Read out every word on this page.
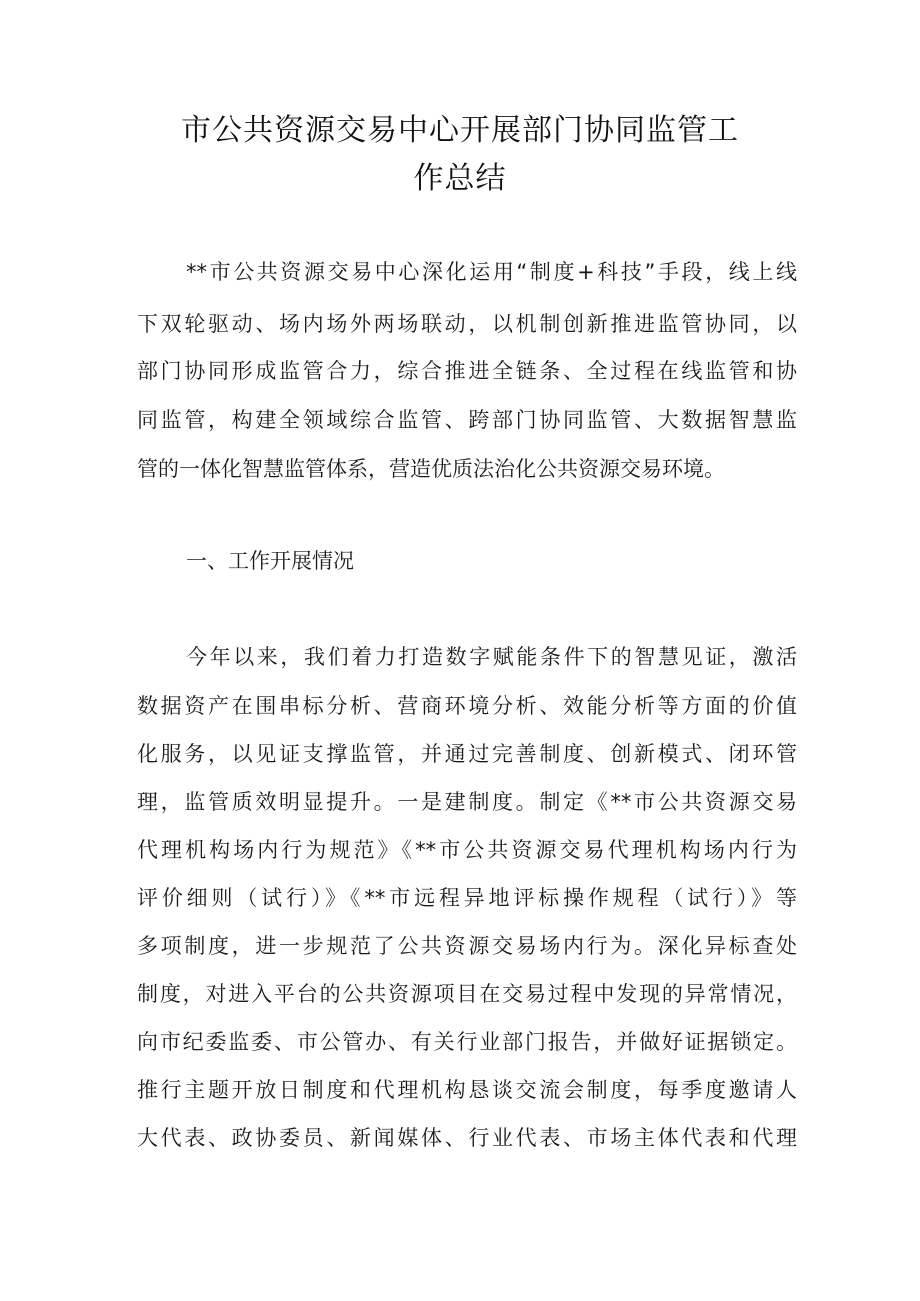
市公共资源交易中心开展部门协同监管工
作总结
**市公共资源交易中心深化运用“制度+科技”手段，线上线
下双轮驱动、场内场外两场联动，以机制创新推进监管协同，以
部门协同形成监管合力，综合推进全链条、全过程在线监管和协
同监管，构建全领域综合监管、跨部门协同监管、大数据智慧监
管的一体化智慧监管体系，营造优质法治化公共资源交易环境。
一、工作开展情况
今年以来，我们着力打造数字赋能条件下的智慧见证，激活
数据资产在围串标分析、营商环境分析、效能分析等方面的价值
化服务，以见证支撑监管，并通过完善制度、创新模式、闭环管
理，监管质效明显提升。一是建制度。制定《**市公共资源交易
代理机构场内行为规范》《**市公共资源交易代理机构场内行为
评价细则（试行）》《**市远程异地评标操作规程（试行）》等
多项制度，进一步规范了公共资源交易场内行为。深化异标查处
制度，对进入平台的公共资源项目在交易过程中发现的异常情况，
向市纪委监委、市公管办、有关行业部门报告，并做好证据锁定。
推行主题开放日制度和代理机构恳谈交流会制度，每季度邀请人
大代表、政协委员、新闻媒体、行业代表、市场主体代表和代理
